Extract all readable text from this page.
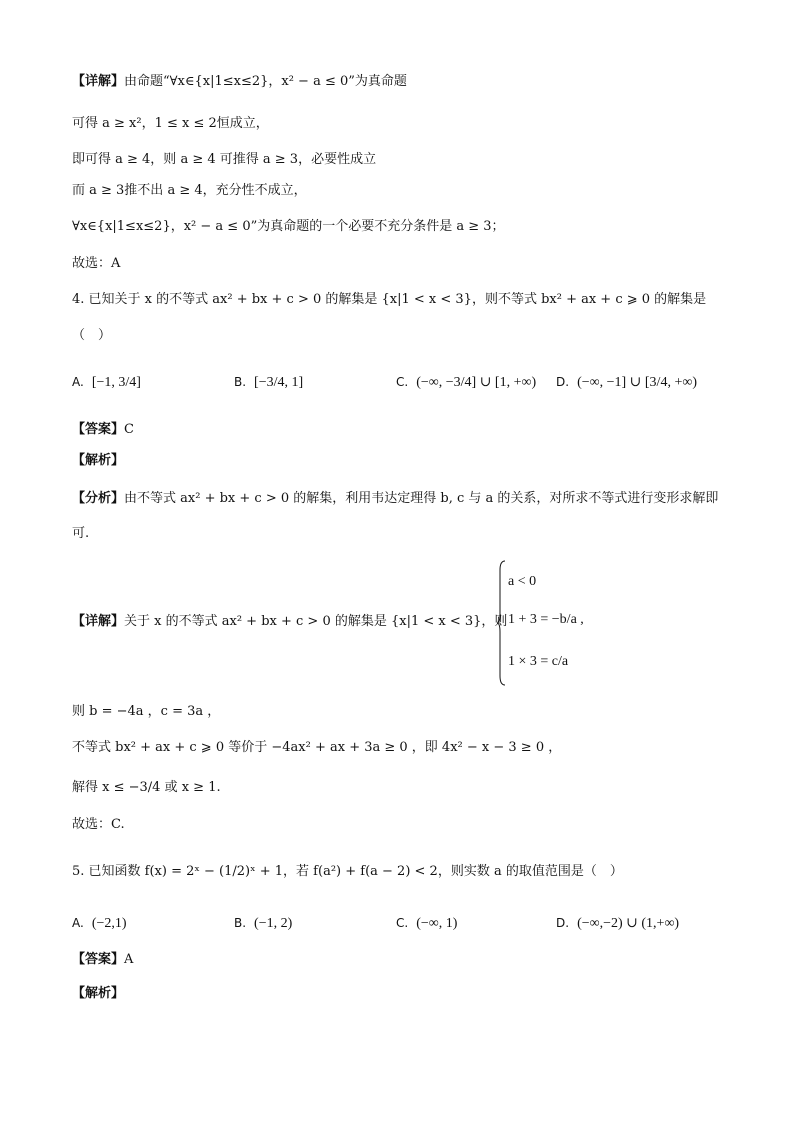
【详解】由命题“∀x∈{x|1≤x≤2}，x² − a ≤ 0”为真命题
可得 a ≥ x²，1 ≤ x ≤ 2恒成立，
即可得 a ≥ 4，则 a ≥ 4 可推得 a ≥ 3，必要性成立
而 a ≥ 3推不出 a ≥ 4，充分性不成立，
∀x∈{x|1≤x≤2}，x² − a ≤ 0”为真命题的一个必要不充分条件是 a ≥ 3；
故选：A
4. 已知关于 x 的不等式 ax² + bx + c > 0 的解集是 {x|1 < x < 3}，则不等式 bx² + ax + c ⩾ 0 的解集是
（　）
A. [−1, 3/4]	B. [−3/4, 1]	C. (−∞, −3/4] ∪ [1, +∞) D. (−∞, −1] ∪ [3/4, +∞)
【答案】C
【解析】
【分析】由不等式 ax² + bx + c > 0 的解集，利用韦达定理得 b, c 与 a 的关系，对所求不等式进行变形求解即
可.
【详解】关于 x 的不等式 ax² + bx + c > 0 的解集是 {x|1 < x < 3}，则
a < 0
1 + 3 = −b/a ,
1 × 3 = c/a
则 b = −4a ，c = 3a ，
不等式 bx² + ax + c ⩾ 0 等价于 −4ax² + ax + 3a ≥ 0 ，即 4x² − x − 3 ≥ 0 ，
解得 x ≤ −3/4 或 x ≥ 1.
故选：C.
5. 已知函数 f(x) = 2ˣ − (1/2)ˣ + 1，若 f(a²) + f(a − 2) < 2，则实数 a 的取值范围是（　）
A. (−2,1)	B. (−1, 2)	C. (−∞, 1)	D. (−∞,−2) ∪ (1,+∞)
【答案】A
【解析】
